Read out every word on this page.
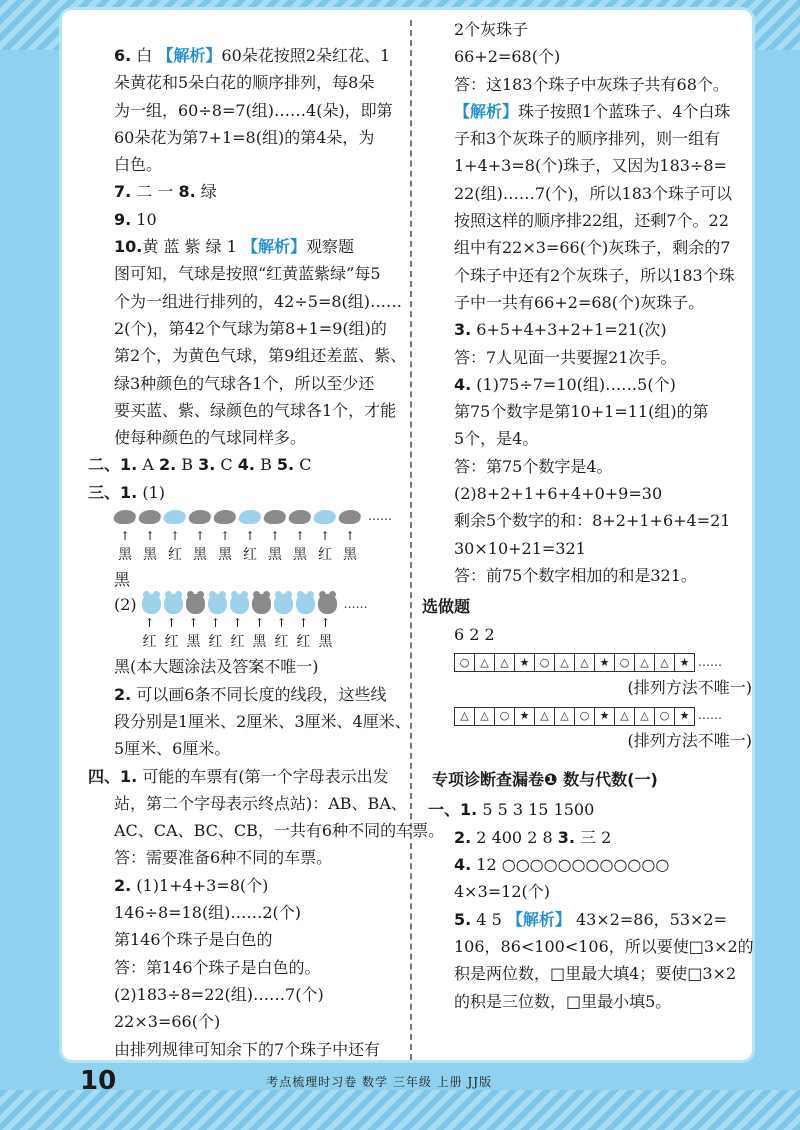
6. 白 【解析】60朵花按照2朵红花、1
朵黄花和5朵白花的顺序排列，每8朵
为一组，60÷8=7(组)……4(朵)，即第
60朵花为第7+1=8(组)的第4朵，为
白色。
7. 二 一 8. 绿
9. 10
10.黄 蓝 紫 绿 1 【解析】观察题
图可知，气球是按照“红黄蓝紫绿”每5
个为一组进行排列的，42÷5=8(组)……
2(个)，第42个气球为第8+1=9(组)的
第2个，为黄色气球，第9组还差蓝、紫、
绿3种颜色的气球各1个，所以至少还
要买蓝、紫、绿颜色的气球各1个，才能
使每种颜色的气球同样多。
二、1. A 2. B 3. C 4. B 5. C
三、1. (1)
……
↑	↑	↑	↑	↑	↑	↑	↑	↑	↑
黑 黑 红 黑 黑 红 黑 黑 红 黑
黑
(2)	……
↑ ↑ ↑ ↑ ↑ ↑ ↑ ↑ ↑
红 红 黑 红 红 黑 红 红 黑
黑(本大题涂法及答案不唯一)
2. 可以画6条不同长度的线段，这些线
段分别是1厘米、2厘米、3厘米、4厘米、
5厘米、6厘米。
四、1. 可能的车票有(第一个字母表示出发
站，第二个字母表示终点站)：AB、BA、
AC、CA、BC、CB，一共有6种不同的车票。
答：需要准备6种不同的车票。
2. (1)1+4+3=8(个)
146÷8=18(组)……2(个)
第146个珠子是白色的
答：第146个珠子是白色的。
(2)183÷8=22(组)……7(个)
22×3=66(个)
由排列规律可知余下的7个珠子中还有
2个灰珠子
66+2=68(个)
答：这183个珠子中灰珠子共有68个。
【解析】珠子按照1个蓝珠子、4个白珠
子和3个灰珠子的顺序排列，则一组有
1+4+3=8(个)珠子，又因为183÷8=
22(组)……7(个)，所以183个珠子可以
按照这样的顺序排22组，还剩7个。22
组中有22×3=66(个)灰珠子，剩余的7
个珠子中还有2个灰珠子，所以183个珠
子中一共有66+2=68(个)灰珠子。
3. 6+5+4+3+2+1=21(次)
答：7人见面一共要握21次手。
4. (1)75÷7=10(组)……5(个)
第75个数字是第10+1=11(组)的第
5个，是4。
答：第75个数字是4。
(2)8+2+1+6+4+0+9=30
剩余5个数字的和：8+2+1+6+4=21
30×10+21=321
答：前75个数字相加的和是321。
选做题
6 2 2
○ △	△ ★ ○ △	△ ★ ○ △	△ ★ ……
(排列方法不唯一)
△	△ ○ ★ △	△ ○ ★ △	△ ○ ★ ……
(排列方法不唯一)
专项诊断查漏卷❶ 数与代数(一)
一、1. 5 5 3 15 1500
2. 2 400 2 8 3. 三 2
4. 12 ○○○○○○○○○○○○
4×3=12(个)
5. 4 5 【解析】 43×2=86，53×2=
106，86<100<106，所以要使□3×2的
积是两位数，□里最大填4；要使□3×2
的积是三位数，□里最小填5。
10	考点梳理时习卷 数学 三年级 上册 JJ版
